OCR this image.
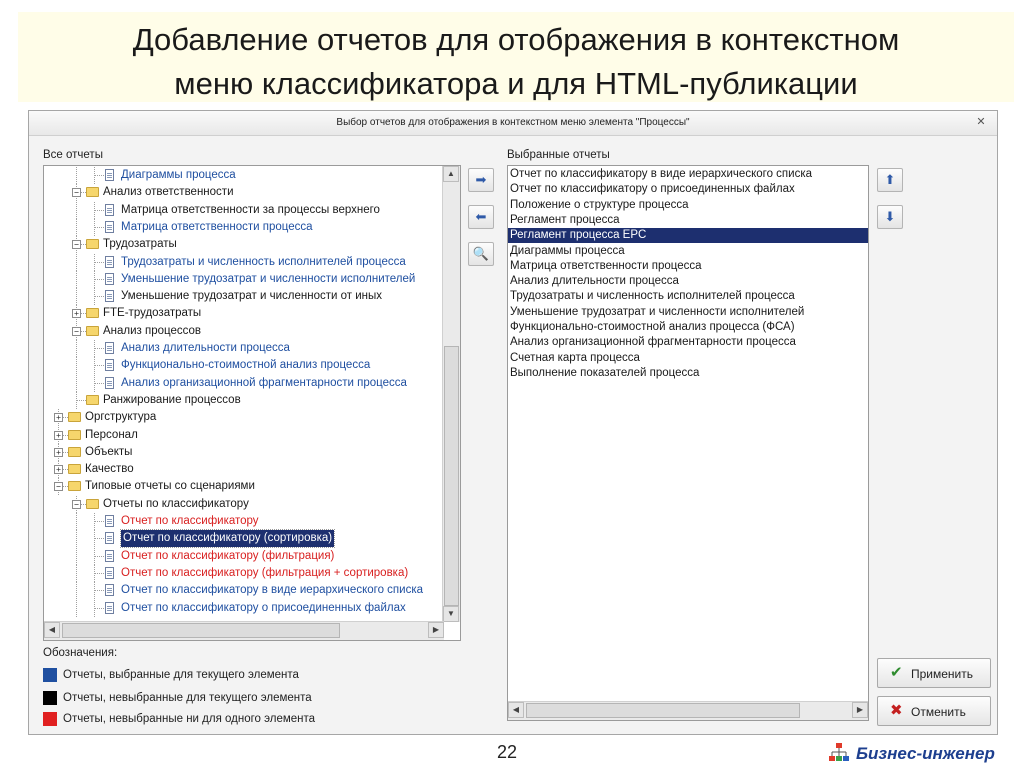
Добавление отчетов для отображения в контекстном
меню классификатора и для HTML-публикации
Выбор отчетов для отображения в контекстном меню элемента "Процессы"	✕
Все отчеты
Диаграммы процесса
− Анализ ответственности
Матрица ответственности за процессы верхнего
Матрица ответственности процесса
− Трудозатраты
Трудозатраты и численность исполнителей процесса
Уменьшение трудозатрат и численности исполнителей
Уменьшение трудозатрат и численности от иных
+ FTE-трудозатраты
− Анализ процессов
Анализ длительности процесса
Функционально-стоимостной анализ процесса
Анализ организационной фрагментарности процесса
Ранжирование процессов
+ Оргструктура
+ Персонал
+ Объекты
+ Качество
− Типовые отчеты со сценариями
− Отчеты по классификатору
Отчет по классификатору
Отчет по классификатору (сортировка)
Отчет по классификатору (фильтрация)
Отчет по классификатору (фильтрация + сортировка)
Отчет по классификатору в виде иерархического списка
Отчет по классификатору о присоединенных файлах
▲
▼
◀	▶
➡
⬅
🔍
Выбранные отчеты
Отчет по классификатору в виде иерархического списка
Отчет по классификатору о присоединенных файлах
Положение о структуре процесса
Регламент процесса
Регламент процесса EPC
Диаграммы процесса
Матрица ответственности процесса
Анализ длительности процесса
Трудозатраты и численность исполнителей процесса
Уменьшение трудозатрат и численности исполнителей
Функционально-стоимостной анализ процесса (ФСА)
Анализ организационной фрагментарности процесса
Счетная карта процесса
Выполнение показателей процесса
◀	▶
⬆
⬇
Обозначения:
Отчеты, выбранные для текущего элемента
Отчеты, невыбранные для текущего элемента
Отчеты, невыбранные ни для одного элемента
✔ Применить
✖ Отменить
22	Бизнес-инженер
